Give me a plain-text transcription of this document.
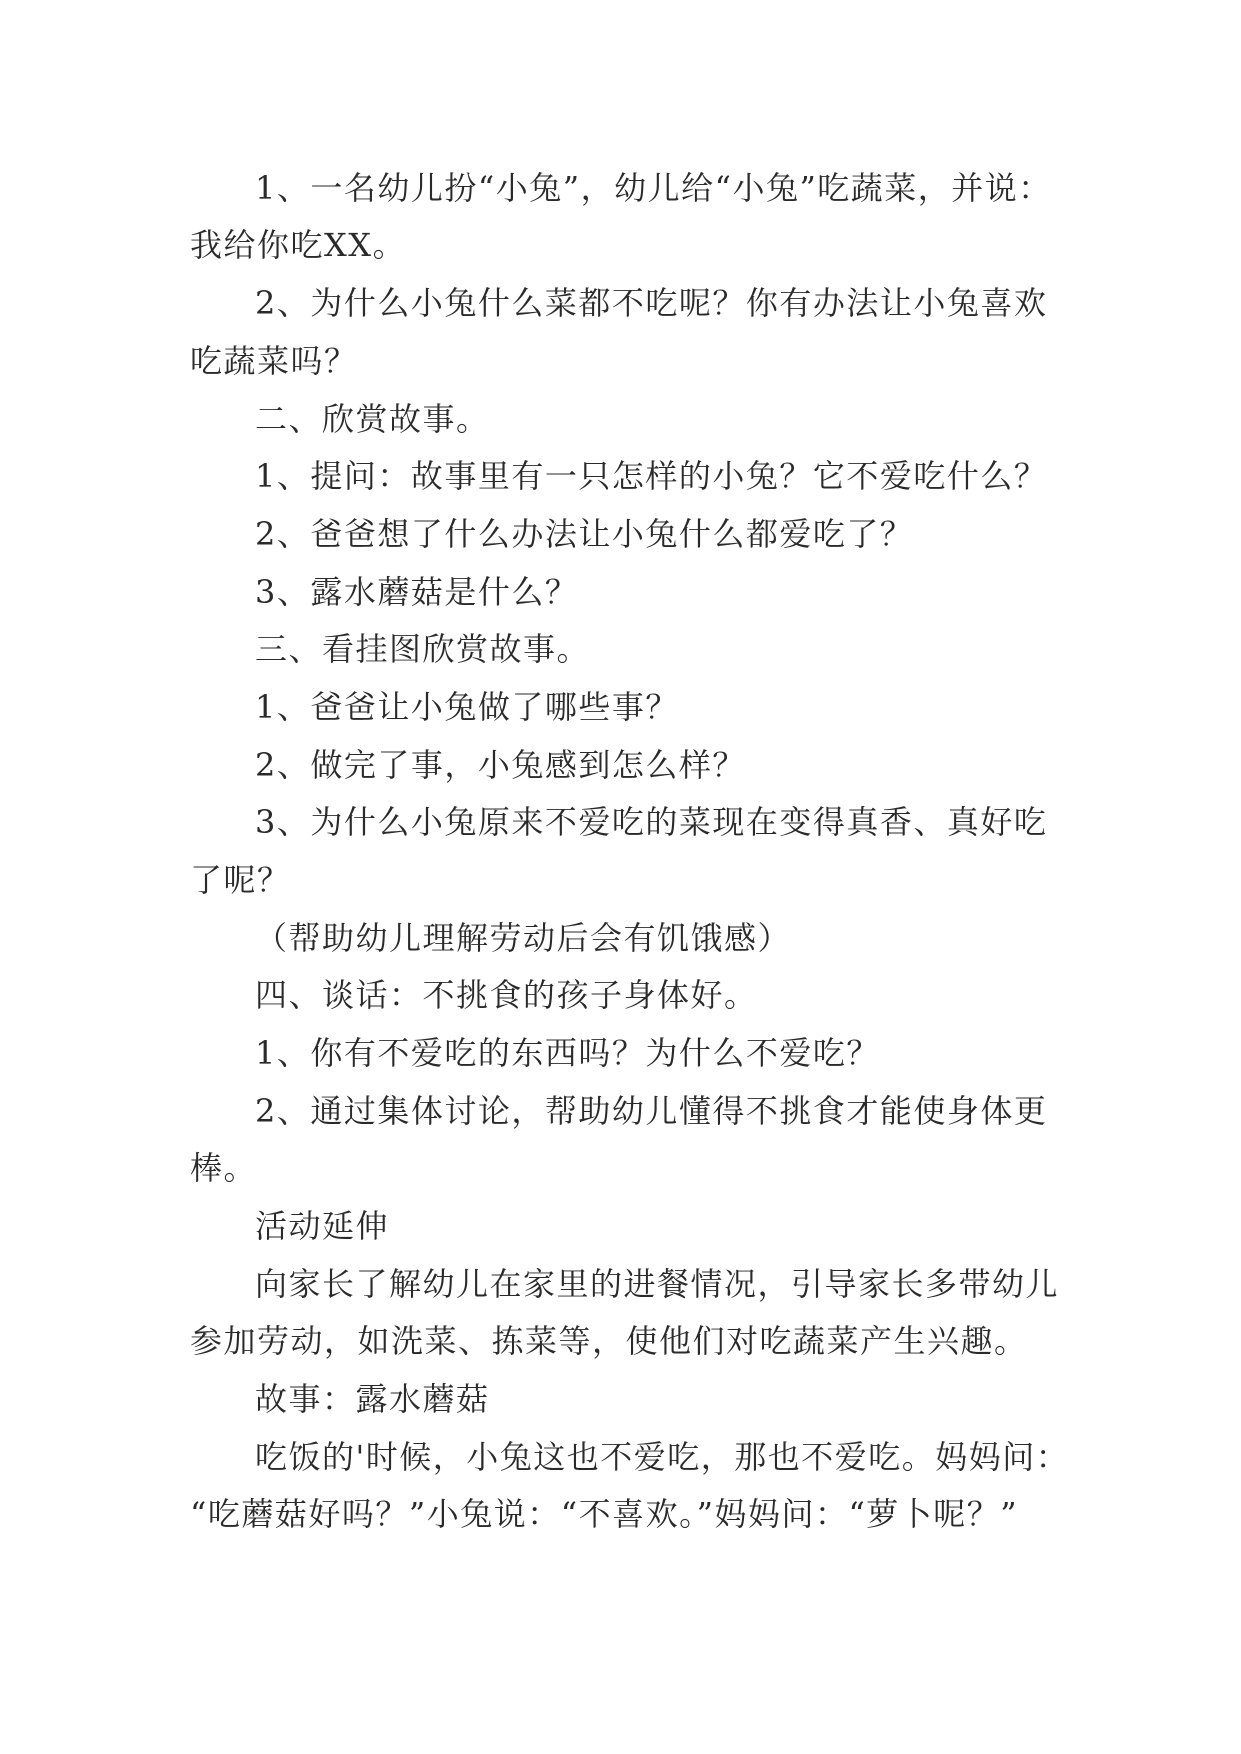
1、一名幼儿扮“小兔”，幼儿给“小兔”吃蔬菜，并说：
我给你吃XX。
2、为什么小兔什么菜都不吃呢？你有办法让小兔喜欢
吃蔬菜吗？
二、欣赏故事。
1、提问：故事里有一只怎样的小兔？它不爱吃什么？
2、爸爸想了什么办法让小兔什么都爱吃了？
3、露水蘑菇是什么？
三、看挂图欣赏故事。
1、爸爸让小兔做了哪些事？
2、做完了事，小兔感到怎么样？
3、为什么小兔原来不爱吃的菜现在变得真香、真好吃
了呢？
（帮助幼儿理解劳动后会有饥饿感）
四、谈话：不挑食的孩子身体好。
1、你有不爱吃的东西吗？为什么不爱吃？
2、通过集体讨论，帮助幼儿懂得不挑食才能使身体更
棒。
活动延伸
向家长了解幼儿在家里的进餐情况，引导家长多带幼儿
参加劳动，如洗菜、拣菜等，使他们对吃蔬菜产生兴趣。
故事：露水蘑菇
吃饭的'时候，小兔这也不爱吃，那也不爱吃。妈妈问：
“吃蘑菇好吗？”小兔说：“不喜欢。”妈妈问：“萝卜呢？”
